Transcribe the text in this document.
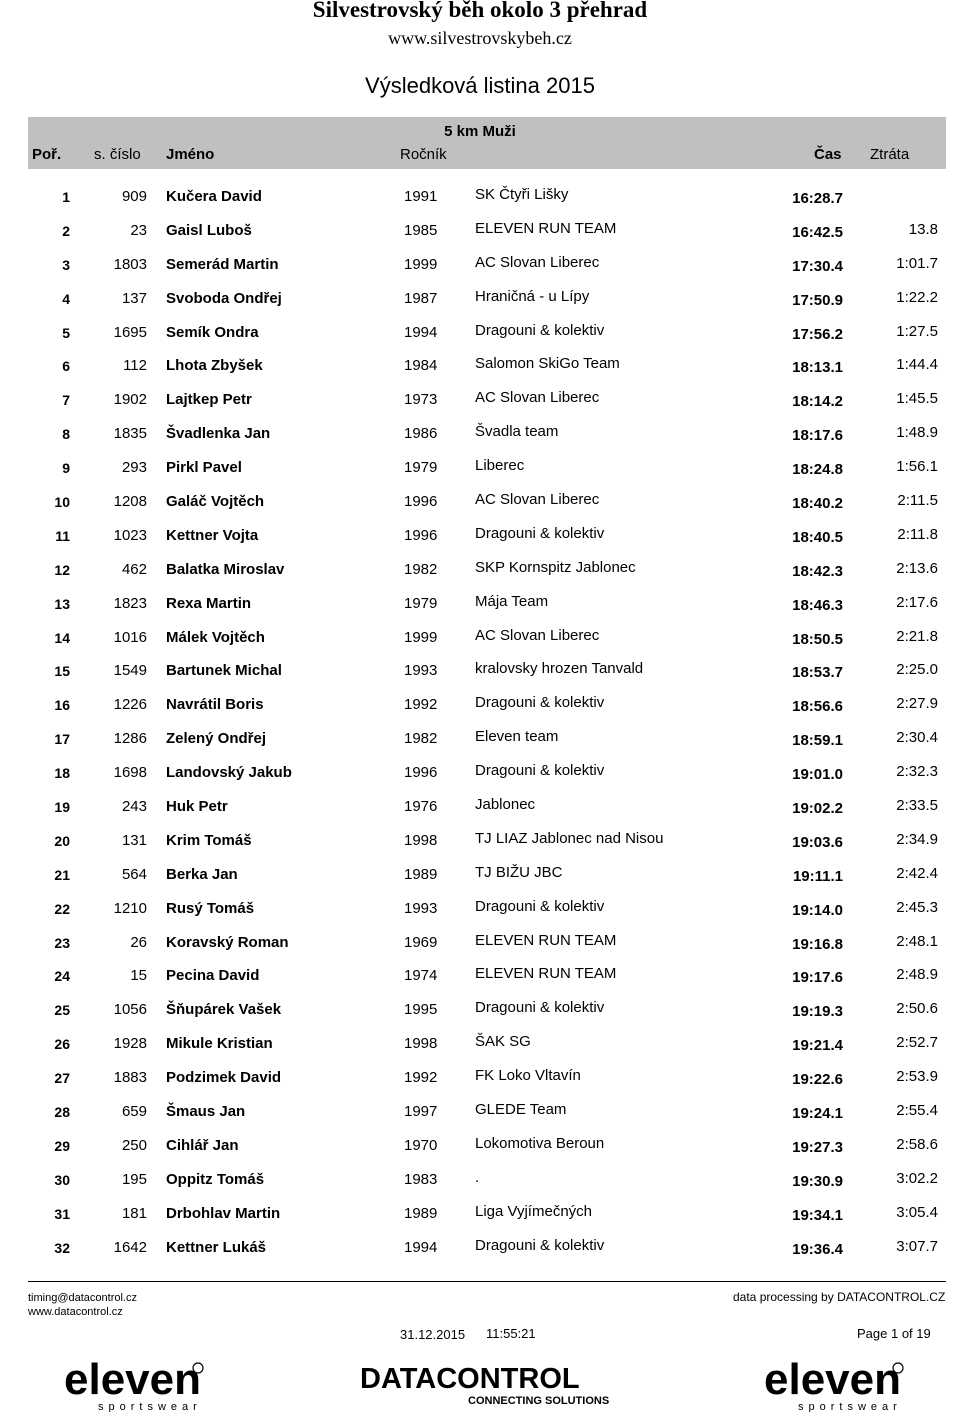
Silvestrovský běh okolo 3 přehrad
www.silvestrovskybeh.cz
Výsledková listina 2015
5 km Muži
Poř. s. číslo Jméno	Ročník	Čas Ztráta
1	909 Kučera David	1991	SK Čtyři Lišky	16:28.7
2	23 Gaisl Luboš	1985	ELEVEN RUN TEAM	16:42.5	13.8
3	1803 Semerád Martin	1999	AC Slovan Liberec	17:30.4	1:01.7
4	137 Svoboda Ondřej	1987	Hraničná - u Lípy	17:50.9	1:22.2
5	1695 Semík Ondra	1994	Dragouni & kolektiv	17:56.2	1:27.5
6	112 Lhota Zbyšek	1984	Salomon SkiGo Team	18:13.1	1:44.4
7	1902 Lajtkep Petr	1973	AC Slovan Liberec	18:14.2	1:45.5
8	1835 Švadlenka Jan	1986	Švadla team	18:17.6	1:48.9
9	293 Pirkl Pavel	1979	Liberec	18:24.8	1:56.1
10	1208 Galáč Vojtěch	1996	AC Slovan Liberec	18:40.2	2:11.5
11	1023 Kettner Vojta	1996	Dragouni & kolektiv	18:40.5	2:11.8
12	462 Balatka Miroslav	1982	SKP Kornspitz Jablonec	18:42.3	2:13.6
13	1823 Rexa Martin	1979	Mája Team	18:46.3	2:17.6
14	1016 Málek Vojtěch	1999	AC Slovan Liberec	18:50.5	2:21.8
15	1549 Bartunek Michal	1993	kralovsky hrozen Tanvald	18:53.7	2:25.0
16	1226 Navrátil Boris	1992	Dragouni & kolektiv	18:56.6	2:27.9
17	1286 Zelený Ondřej	1982	Eleven team	18:59.1	2:30.4
18	1698 Landovský Jakub	1996	Dragouni & kolektiv	19:01.0	2:32.3
19	243 Huk Petr	1976	Jablonec	19:02.2	2:33.5
20	131 Krim Tomáš	1998	TJ LIAZ Jablonec nad Nisou	19:03.6	2:34.9
21	564 Berka Jan	1989	TJ BIŽU JBC	19:11.1	2:42.4
22	1210 Rusý Tomáš	1993	Dragouni & kolektiv	19:14.0	2:45.3
23	26 Koravský Roman	1969	ELEVEN RUN TEAM	19:16.8	2:48.1
24	15 Pecina David	1974	ELEVEN RUN TEAM	19:17.6	2:48.9
25	1056 Šňupárek Vašek	1995	Dragouni & kolektiv	19:19.3	2:50.6
26	1928 Mikule Kristian	1998	ŠAK SG	19:21.4	2:52.7
27	1883 Podzimek David	1992	FK Loko Vltavín	19:22.6	2:53.9
28	659 Šmaus Jan	1997	GLEDE Team	19:24.1	2:55.4
29	250 Cihlář Jan	1970	Lokomotiva Beroun	19:27.3	2:58.6
30	195 Oppitz Tomáš	1983	.	19:30.9	3:02.2
31	181 Drbohlav Martin	1989	Liga Vyjímečných	19:34.1	3:05.4
32	1642 Kettner Lukáš	1994	Dragouni & kolektiv	19:36.4	3:07.7
timing@datacontrol.cz
www.datacontrol.cz
data processing by DATACONTROL.CZ
31.12.2015 11:55:21	Page 1 of 19
eleven
sportswear
DATACONTROL
CONNECTING SOLUTIONS	eleven
sportswear
